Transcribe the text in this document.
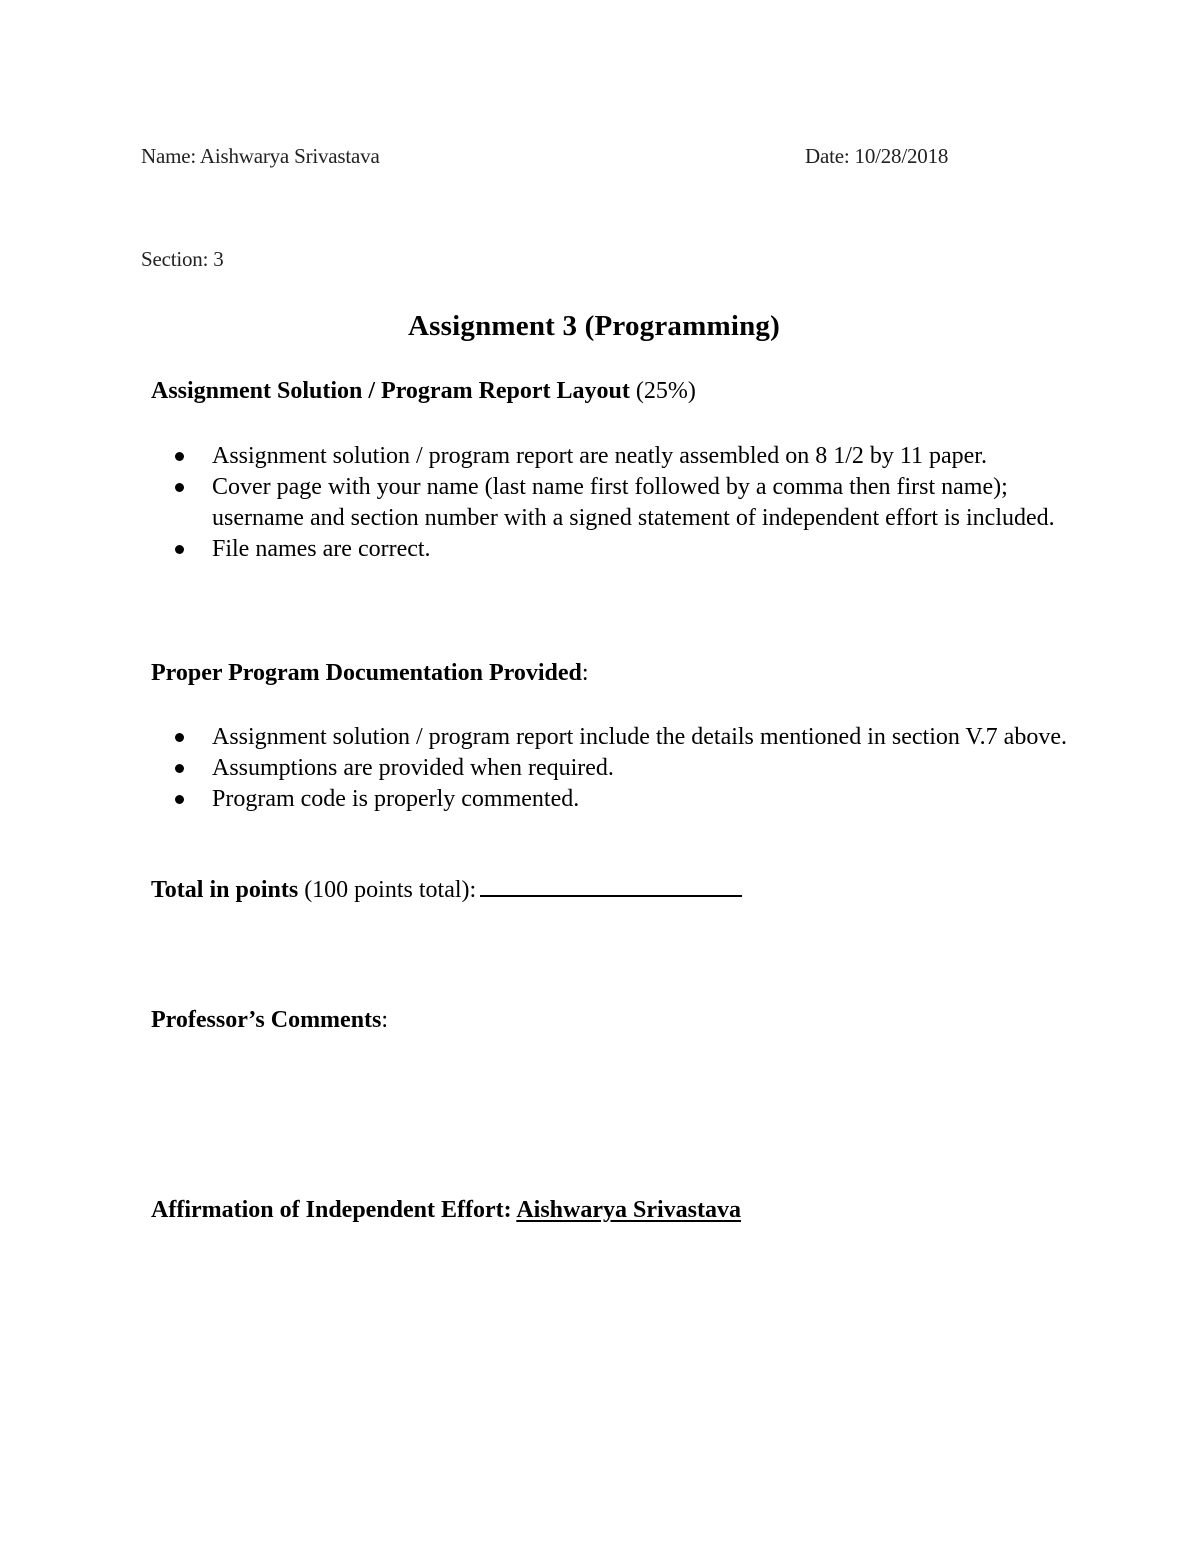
Name: Aishwarya Srivastava	Date: 10/28/2018
Section: 3
Assignment 3 (Programming)
Assignment Solution / Program Report Layout (25%)
Assignment solution / program report are neatly assembled on 8 1/2 by 11 paper.
Cover page with your name (last name first followed by a comma then first name); username and section number with a signed statement of independent effort is included.
File names are correct.
Proper Program Documentation Provided:
Assignment solution / program report include the details mentioned in section V.7 above.
Assumptions are provided when required.
Program code is properly commented.
Total in points (100 points total):
Professor’s Comments:
Affirmation of Independent Effort: Aishwarya Srivastava
